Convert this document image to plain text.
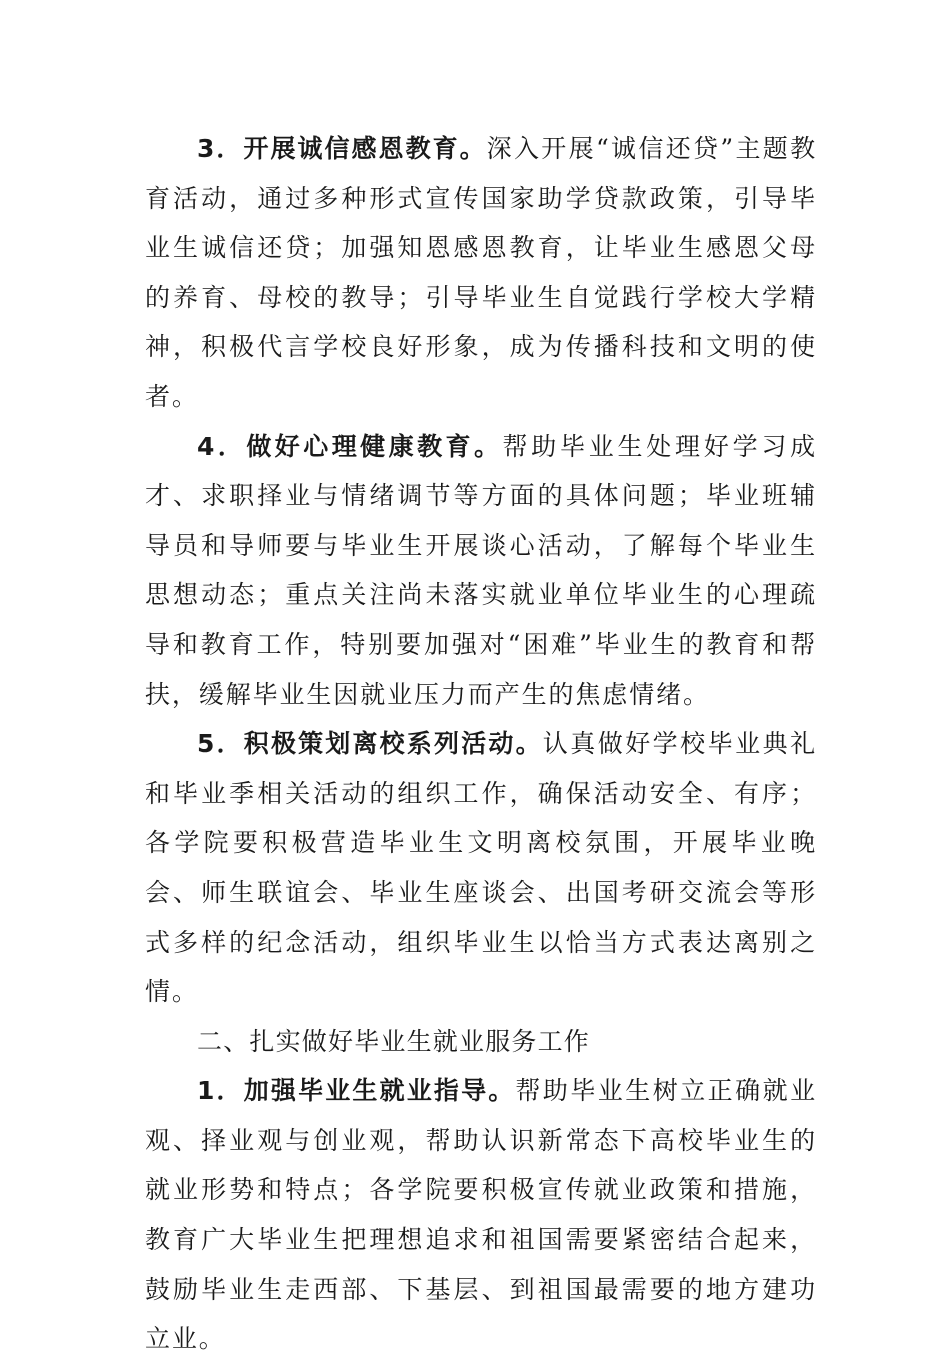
3．开展诚信感恩教育。深入开展“诚信还贷”主题教育活动，通过多种形式宣传国家助学贷款政策，引导毕业生诚信还贷；加强知恩感恩教育，让毕业生感恩父母的养育、母校的教导；引导毕业生自觉践行学校大学精神，积极代言学校良好形象，成为传播科技和文明的使者。

4．做好心理健康教育。帮助毕业生处理好学习成才、求职择业与情绪调节等方面的具体问题；毕业班辅导员和导师要与毕业生开展谈心活动，了解每个毕业生思想动态；重点关注尚未落实就业单位毕业生的心理疏导和教育工作，特别要加强对“困难”毕业生的教育和帮扶，缓解毕业生因就业压力而产生的焦虑情绪。

5．积极策划离校系列活动。认真做好学校毕业典礼和毕业季相关活动的组织工作，确保活动安全、有序；各学院要积极营造毕业生文明离校氛围，开展毕业晚会、师生联谊会、毕业生座谈会、出国考研交流会等形式多样的纪念活动，组织毕业生以恰当方式表达离别之情。

二、扎实做好毕业生就业服务工作

1．加强毕业生就业指导。帮助毕业生树立正确就业观、择业观与创业观，帮助认识新常态下高校毕业生的就业形势和特点；各学院要积极宣传就业政策和措施，教育广大毕业生把理想追求和祖国需要紧密结合起来，鼓励毕业生走西部、下基层、到祖国最需要的地方建功立业。
